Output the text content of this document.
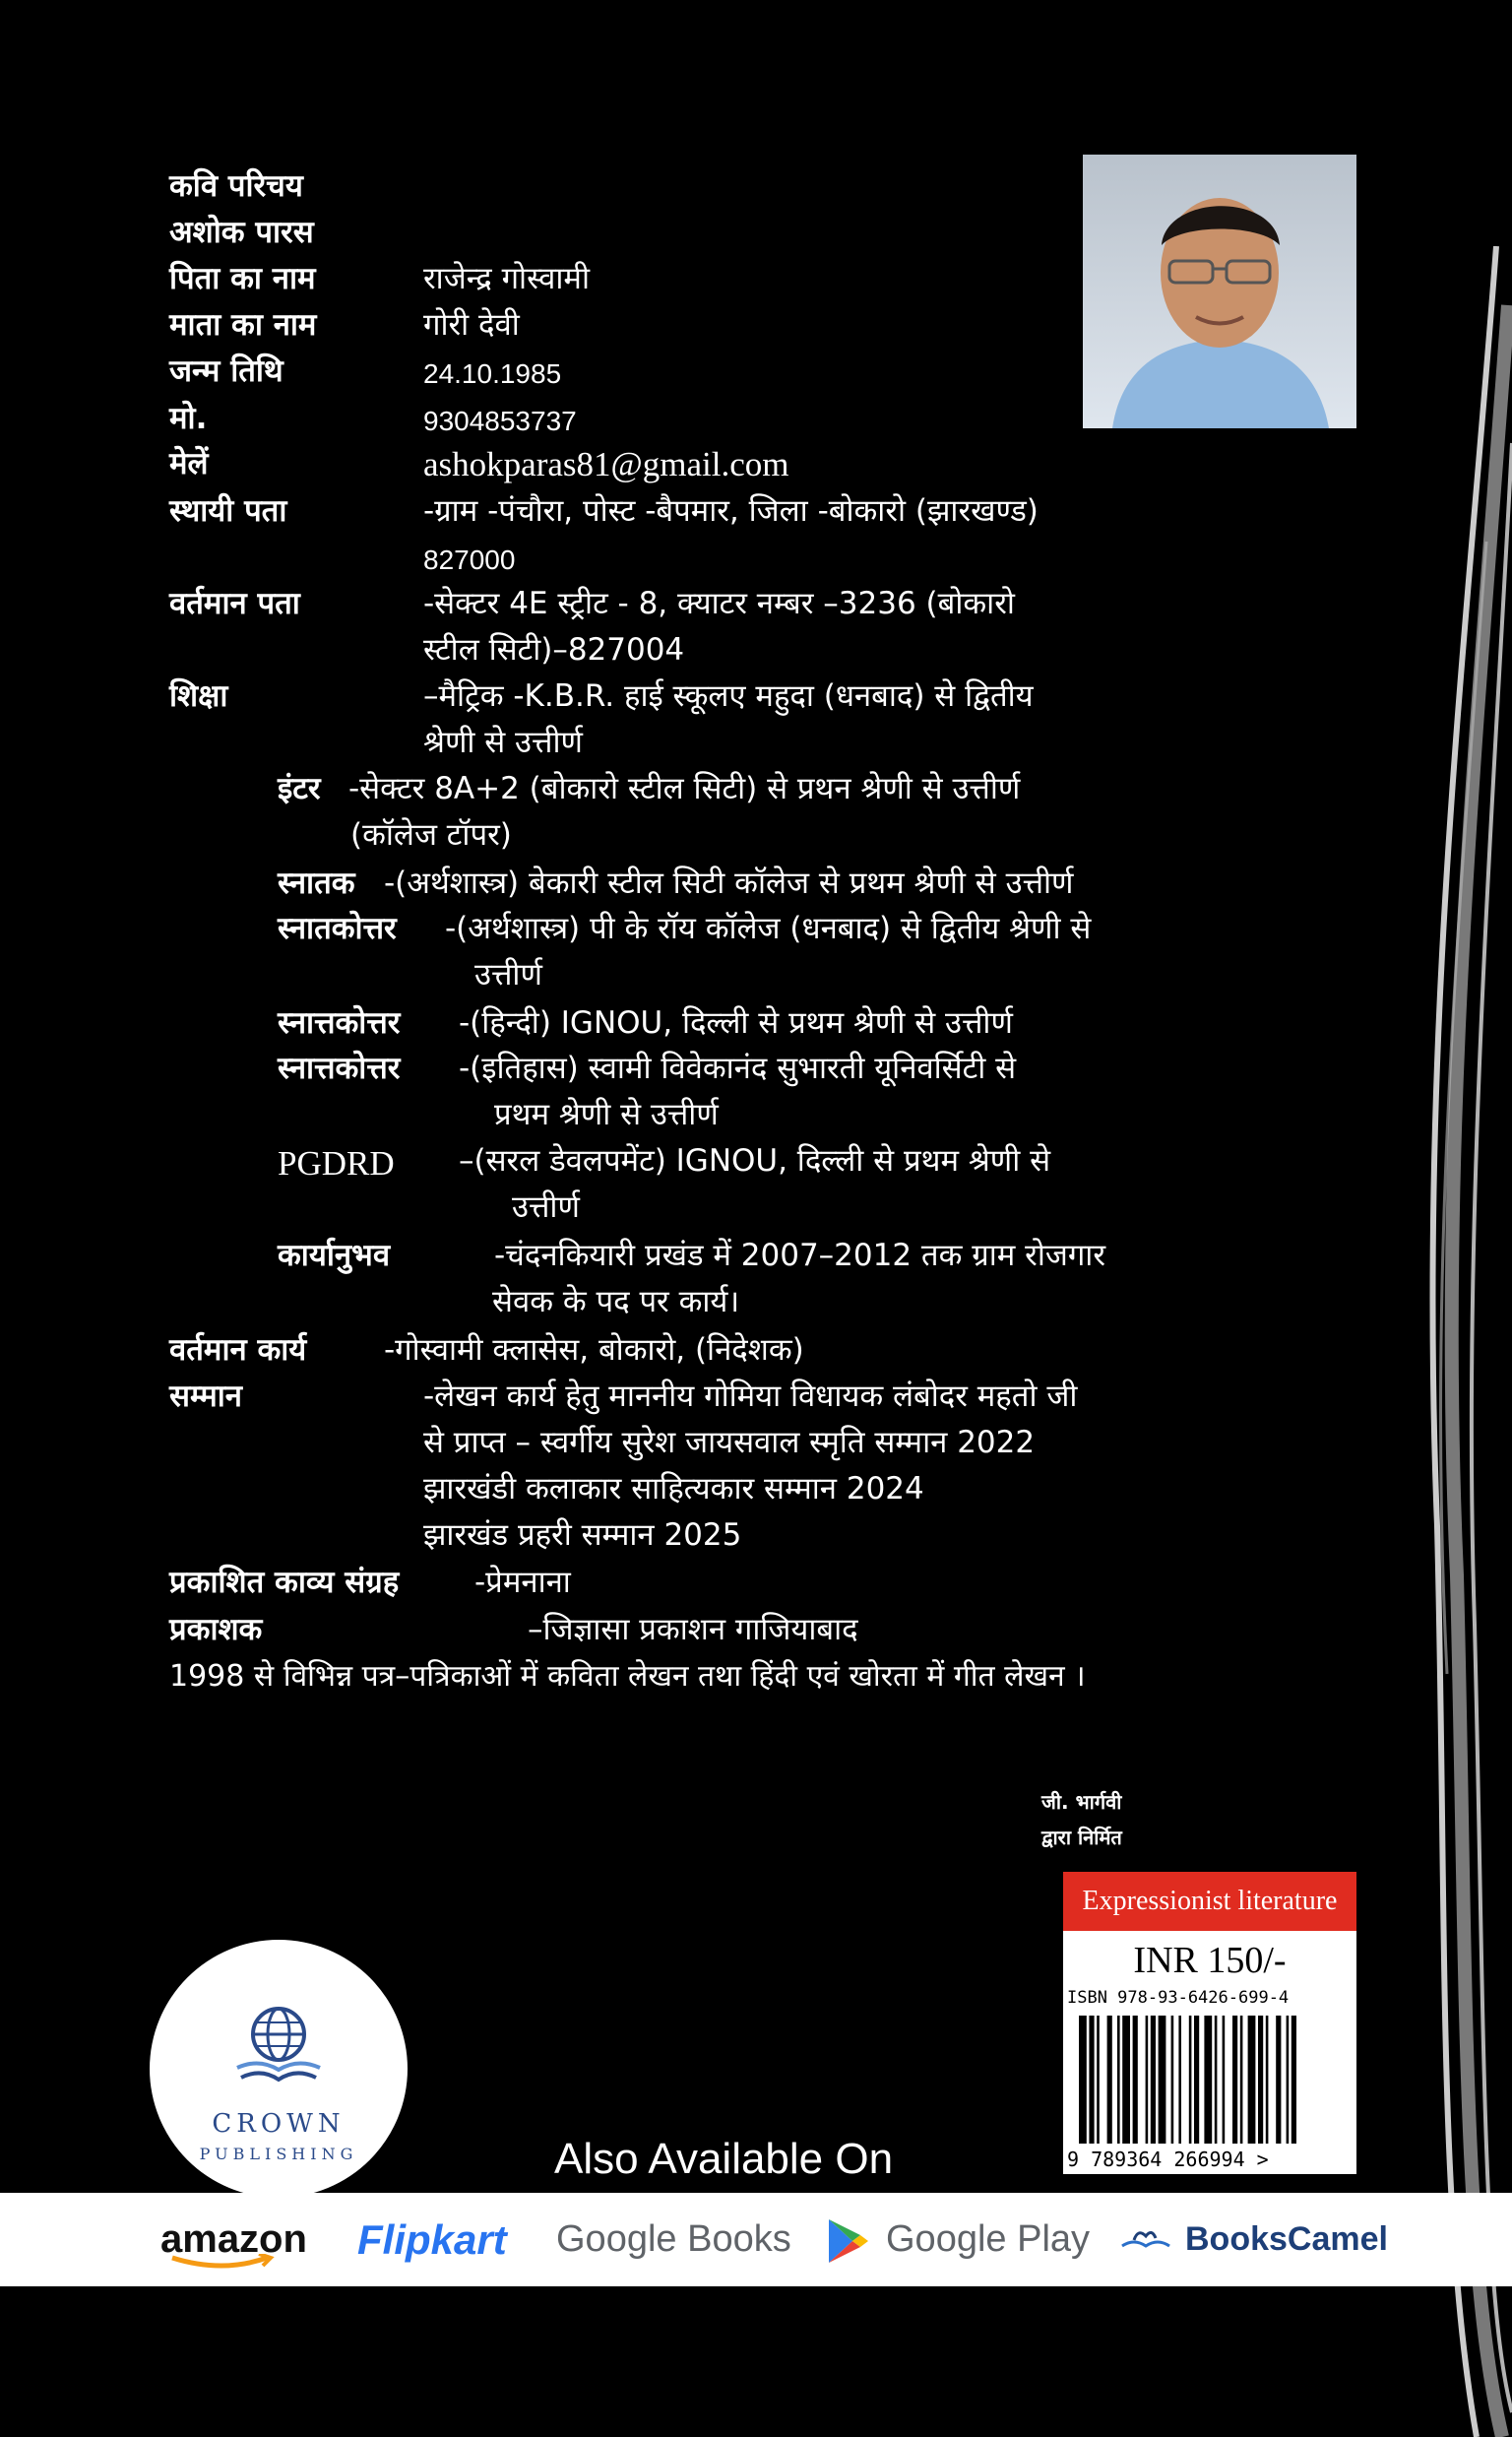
कवि परिचय
अशोक पारस
पिता का नाम	राजेन्द्र गोस्वामी
माता का नाम	गोरी देवी
जन्म तिथि	24.10.1985
मो.	9304853737
मेलें	ashokparas81@gmail.com
स्थायी पता	-ग्राम -पंचौरा, पोस्ट -बैपमार, जिला -बोकारो (झारखण्ड)
827000
वर्तमान पता	-सेक्टर 4E स्ट्रीट - 8, क्याटर नम्बर –3236 (बोकारो
स्टील सिटी)–827004
शिक्षा	–मैट्रिक -K.B.R. हाई स्कूलए महुदा (धनबाद) से द्वितीय
श्रेणी से उत्तीर्ण
इंटर -सेक्टर 8A+2 (बोकारो स्टील सिटी) से प्रथन श्रेणी से उत्तीर्ण
(कॉलेज टॉपर)
स्नातक -(अर्थशास्त्र) बेकारी स्टील सिटी कॉलेज से प्रथम श्रेणी से उत्तीर्ण
स्नातकोत्तर -(अर्थशास्त्र) पी के रॉय कॉलेज (धनबाद) से द्वितीय श्रेणी से
उत्तीर्ण
स्नात्तकोत्तर -(हिन्दी) IGNOU, दिल्ली से प्रथम श्रेणी से उत्तीर्ण
स्नात्तकोत्तर -(इतिहास) स्वामी विवेकानंद सुभारती यूनिवर्सिटी से
प्रथम श्रेणी से उत्तीर्ण
PGDRD –(सरल डेवलपमेंट) IGNOU, दिल्ली से प्रथम श्रेणी से
उत्तीर्ण
कार्यानुभव	-चंदनकियारी प्रखंड में 2007–2012 तक ग्राम रोजगार
सेवक के पद पर कार्य।
वर्तमान कार्य	-गोस्वामी क्लासेस, बोकारो, (निदेशक)
सम्मान	-लेखन कार्य हेतु माननीय गोमिया विधायक लंबोदर महतो जी
से प्राप्त – स्वर्गीय सुरेश जायसवाल स्मृति सम्मान 2022
झारखंडी कलाकार साहित्यकार सम्मान 2024
झारखंड प्रहरी सम्मान 2025
प्रकाशित काव्य संग्रह -प्रेमनाना
प्रकाशक	–जिज्ञासा प्रकाशन गाजियाबाद
1998 से विभिन्न पत्र–पत्रिकाओं में कविता लेखन तथा हिंदी एवं खोरता में गीत लेखन ।
जी. भार्गवी
द्वारा निर्मित
Expressionist literature
INR 150/-
ISBN 978-93-6426-699-4
9 789364 266994 >
CROWN
PUBLISHING	Also Available On
amazon Flipkart Google Books	Google Play	BooksCamel
